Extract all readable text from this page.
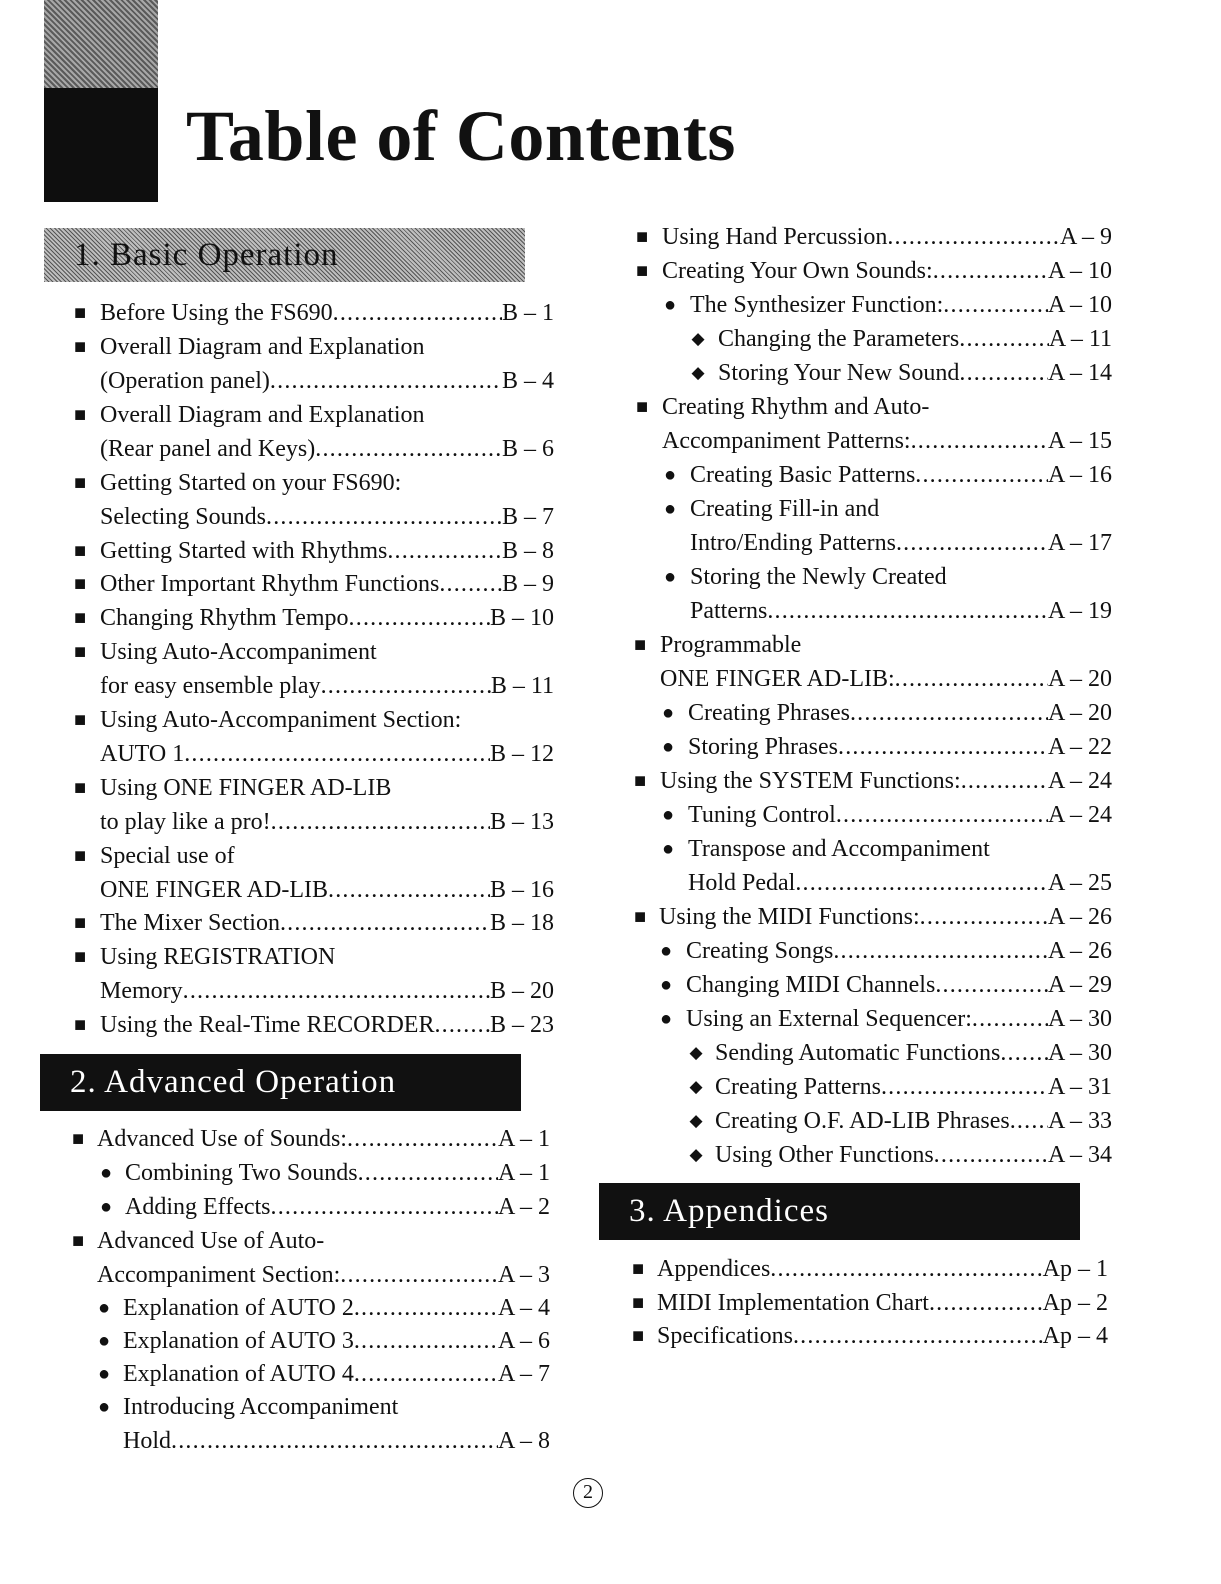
Table of Contents
1. Basic Operation
2. Advanced Operation
3. Appendices
■ Before Using the FS690 .....	B – 1
■ Overall Diagram and Explanation
(Operation panel) .....	B – 4
■ Overall Diagram and Explanation
(Rear panel and Keys) .....	B – 6
■ Getting Started on your FS690:
Selecting Sounds .....	B – 7
■ Getting Started with Rhythms .....	B – 8
■ Other Important Rhythm Functions .....	B – 9
■ Changing Rhythm Tempo .....	B – 10
■ Using Auto-Accompaniment
for easy ensemble play .....	B – 11
■ Using Auto-Accompaniment Section:
AUTO 1 .....	B – 12
■ Using ONE FINGER AD-LIB
to play like a pro! .....	B – 13
■ Special use of
ONE FINGER AD-LIB .....	B – 16
■ The Mixer Section .....	B – 18
■ Using REGISTRATION
Memory .....	B – 20
■ Using the Real-Time RECORDER ..... B – 23
■ Advanced Use of Sounds: .....	A – 1
● Combining Two Sounds .....	A – 1
● Adding Effects .....	A – 2
■ Advanced Use of Auto-
Accompaniment Section: .....	A – 3
● Explanation of AUTO 2 .....	A – 4
● Explanation of AUTO 3 .....	A – 6
● Explanation of AUTO 4 .....	A – 7
● Introducing Accompaniment
Hold .....	A – 8
■ Using Hand Percussion .....	A – 9
■ Creating Your Own Sounds: .....	A – 10
● The Synthesizer Function: .....	A – 10
◆ Changing the Parameters .....	A – 11
◆ Storing Your New Sound .....	A – 14
■ Creating Rhythm and Auto-
Accompaniment Patterns: .....	A – 15
● Creating Basic Patterns .....	A – 16
● Creating Fill-in and
Intro/Ending Patterns .....	A – 17
● Storing the Newly Created
Patterns .....	A – 19
■ Programmable
ONE FINGER AD-LIB: .....	A – 20
● Creating Phrases .....	A – 20
● Storing Phrases .....	A – 22
■ Using the SYSTEM Functions: .....	A – 24
● Tuning Control .....	A – 24
● Transpose and Accompaniment
Hold Pedal .....	A – 25
■ Using the MIDI Functions: .....	A – 26
● Creating Songs .....	A – 26
● Changing MIDI Channels .....	A – 29
● Using an External Sequencer: .....	A – 30
◆ Sending Automatic Functions ..... A – 30
◆ Creating Patterns .....	A – 31
◆ Creating O.F. AD-LIB Phrases ..... A – 33
◆ Using Other Functions .....	A – 34
■ Appendices .....	Ap – 1
■ MIDI Implementation Chart .....	Ap – 2
■ Specifications .....	Ap – 4
2
